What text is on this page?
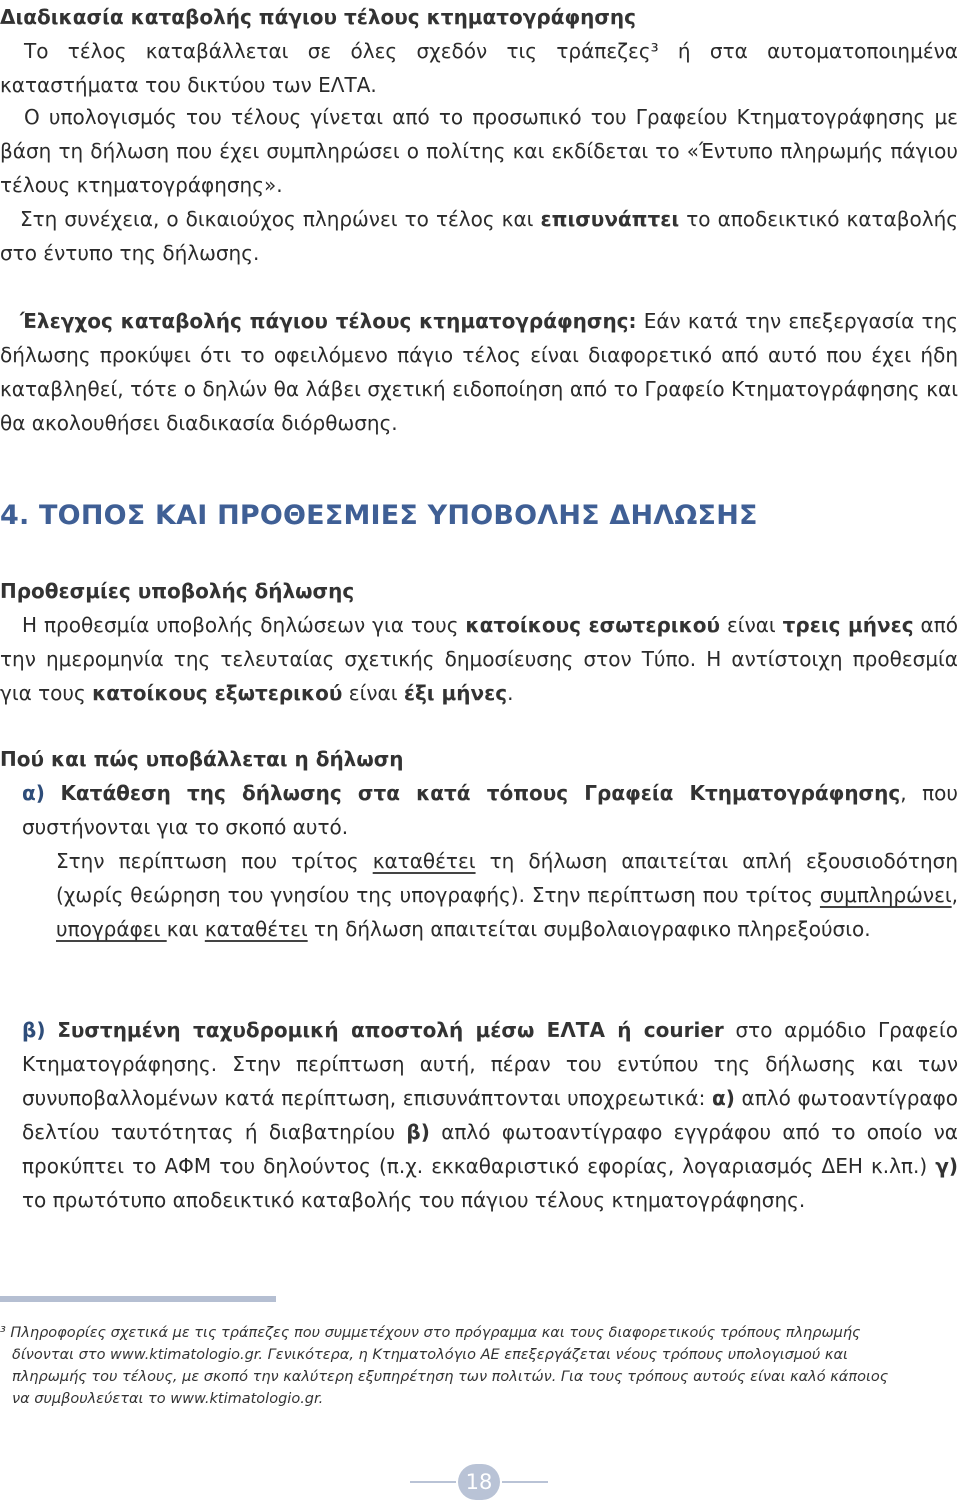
Διαδικασία καταβολής πάγιου τέλους κτηματογράφησης

Το τέλος καταβάλλεται σε όλες σχεδόν τις τράπεζες³ ή στα αυτοματοποιημένα καταστήματα του δικτύου των ΕΛΤΑ.

Ο υπολογισμός του τέλους γίνεται από το προσωπικό του Γραφείου Κτηματογράφησης με βάση τη δήλωση που έχει συμπληρώσει ο πολίτης και εκδίδεται το «Έντυπο πληρωμής πάγιου τέλους κτηματογράφησης».

Στη συνέχεια, ο δικαιούχος πληρώνει το τέλος και επισυνάπτει το αποδεικτικό καταβολής στο έντυπο της δήλωσης.

Έλεγχος καταβολής πάγιου τέλους κτηματογράφησης: Εάν κατά την επεξεργασία της δήλωσης προκύψει ότι το οφειλόμενο πάγιο τέλος είναι διαφορετικό από αυτό που έχει ήδη καταβληθεί, τότε ο δηλών θα λάβει σχετική ειδοποίηση από το Γραφείο Κτηματογράφησης και θα ακολουθήσει διαδικασία διόρθωσης.

4. ΤΟΠΟΣ ΚΑΙ ΠΡΟΘΕΣΜΙΕΣ ΥΠΟΒΟΛΗΣ ΔΗΛΩΣΗΣ

Προθεσμίες υποβολής δήλωσης

Η προθεσμία υποβολής δηλώσεων για τους κατοίκους εσωτερικού είναι τρεις μήνες από την ημερομηνία της τελευταίας σχετικής δημοσίευσης στον Τύπο. Η αντίστοιχη προθεσμία για τους κατοίκους εξωτερικού είναι έξι μήνες.

Πού και πώς υποβάλλεται η δήλωση

α) Κατάθεση της δήλωσης στα κατά τόπους Γραφεία Κτηματογράφησης, που συστήνονται για το σκοπό αυτό.

Στην περίπτωση που τρίτος καταθέτει τη δήλωση απαιτείται απλή εξουσιοδότηση (χωρίς θεώρηση του γνησίου της υπογραφής). Στην περίπτωση που τρίτος συμπληρώνει, υπογράφει και καταθέτει τη δήλωση απαιτείται συμβολαιογραφικο πληρεξούσιο.

β) Συστημένη ταχυδρομική αποστολή μέσω ΕΛΤΑ ή courier στο αρμόδιο Γραφείο Κτηματογράφησης. Στην περίπτωση αυτή, πέραν του εντύπου της δήλωσης και των συνυποβαλλομένων κατά περίπτωση, επισυνάπτονται υποχρεωτικά: α) απλό φωτοαντίγραφο δελτίου ταυτότητας ή διαβατηρίου β) απλό φωτοαντίγραφο εγγράφου από το οποίο να προκύπτει το ΑΦΜ του δηλούντος (π.χ. εκκαθαριστικό εφορίας, λογαριασμός ΔΕΗ κ.λπ.) γ) το πρωτότυπο αποδεικτικό καταβολής του πάγιου τέλους κτηματογράφησης.

³ Πληροφορίες σχετικά με τις τράπεζες που συμμετέχουν στο πρόγραμμα και τους διαφορετικούς τρόπους πληρωμής
δίνονται στο www.ktimatologio.gr. Γενικότερα, η Κτηματολόγιο ΑΕ επεξεργάζεται νέους τρόπους υπολογισμού και
πληρωμής του τέλους, με σκοπό την καλύτερη εξυπηρέτηση των πολιτών. Για τους τρόπους αυτούς είναι καλό κάποιος
να συμβουλεύεται το www.ktimatologio.gr.
18
